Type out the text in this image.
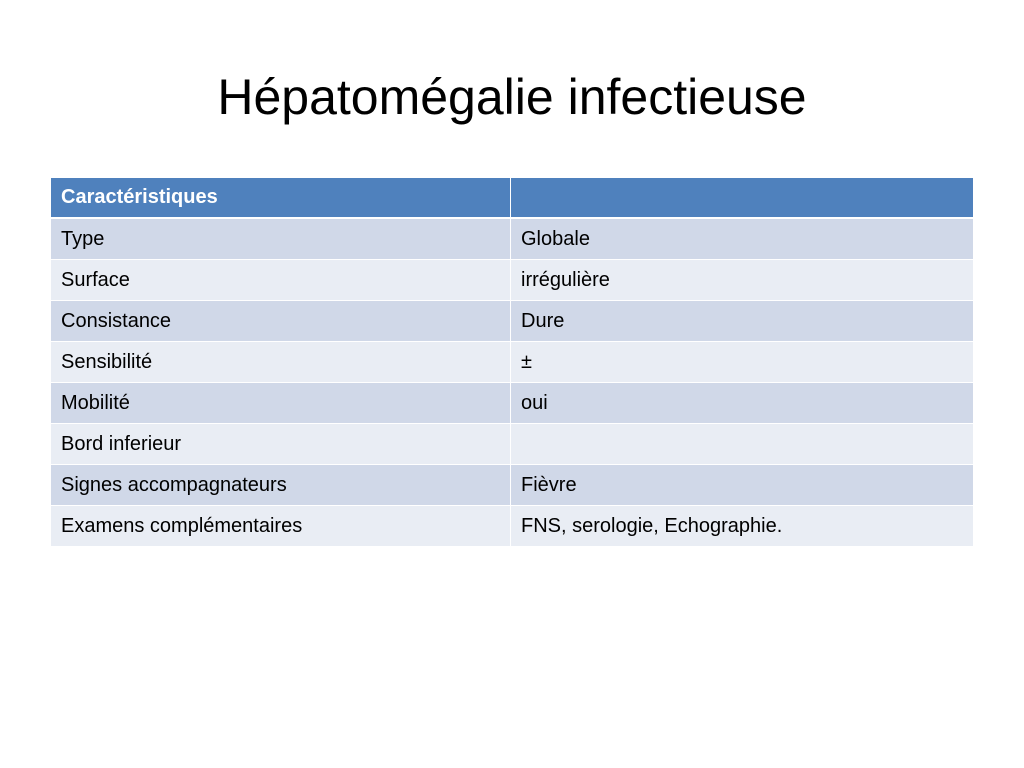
Hépatomégalie infectieuse
Caractéristiques	
Type	Globale
Surface	irrégulière
Consistance	Dure
Sensibilité	±
Mobilité	oui
Bord inferieur	
Signes accompagnateurs	Fièvre
Examens complémentaires	FNS, serologie, Echographie.
